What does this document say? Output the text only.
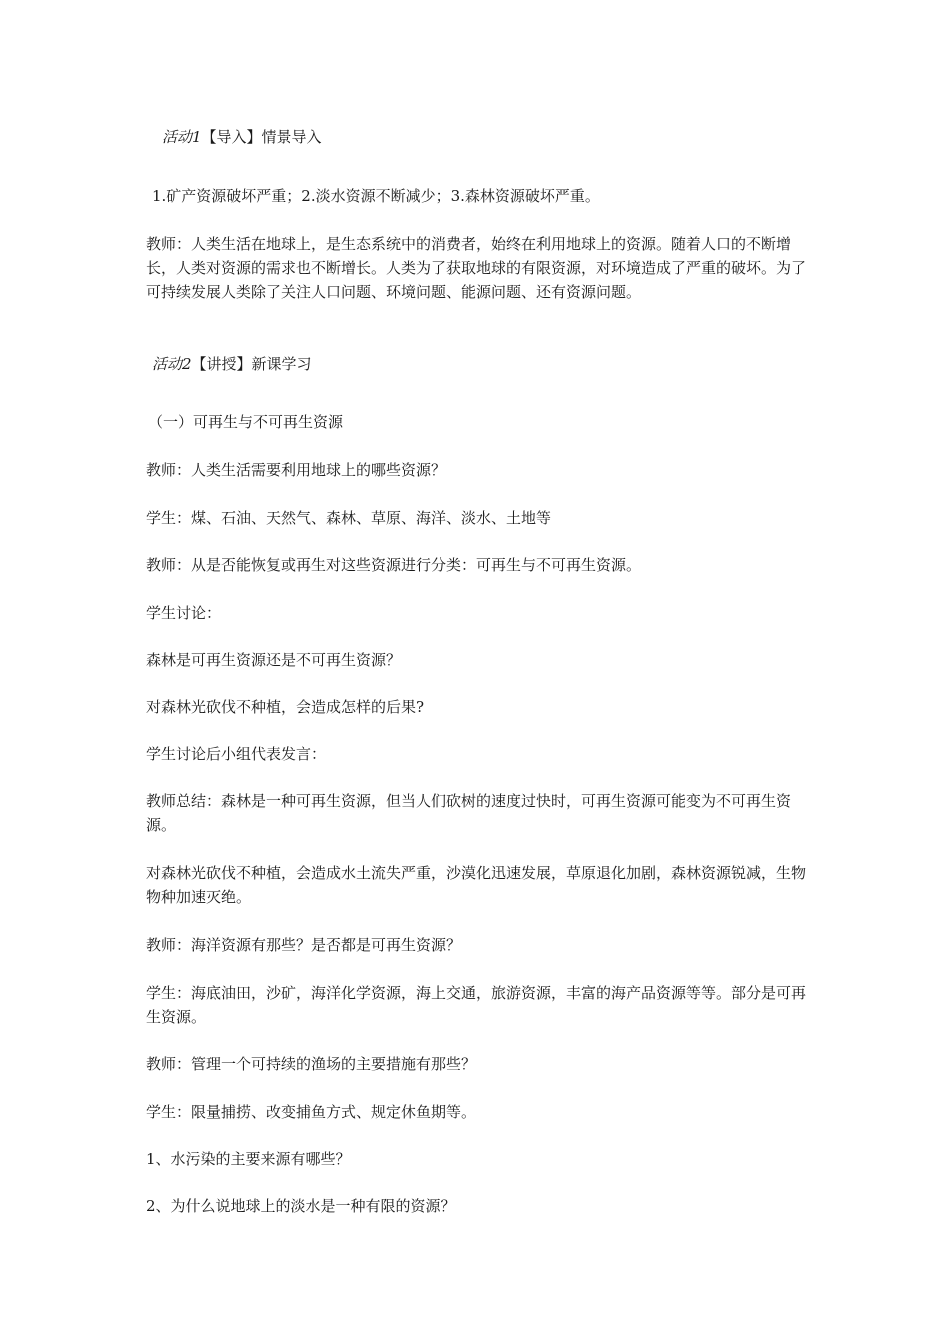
活动1【导入】情景导入
1.矿产资源破坏严重；2.淡水资源不断减少；3.森林资源破坏严重。
教师：人类生活在地球上，是生态系统中的消费者，始终在利用地球上的资源。随着人口的不断增长，人类对资源的需求也不断增长。人类为了获取地球的有限资源，对环境造成了严重的破坏。为了可持续发展人类除了关注人口问题、环境问题、能源问题、还有资源问题。
活动2【讲授】新课学习
（一）可再生与不可再生资源
教师：人类生活需要利用地球上的哪些资源？
学生：煤、石油、天然气、森林、草原、海洋、淡水、土地等
教师：从是否能恢复或再生对这些资源进行分类：可再生与不可再生资源。
学生讨论：
森林是可再生资源还是不可再生资源？
对森林光砍伐不种植，会造成怎样的后果?
学生讨论后小组代表发言：
教师总结：森林是一种可再生资源，但当人们砍树的速度过快时，可再生资源可能变为不可再生资源。
对森林光砍伐不种植，会造成水土流失严重，沙漠化迅速发展，草原退化加剧，森林资源锐减，生物物种加速灭绝。
教师：海洋资源有那些？是否都是可再生资源？
学生：海底油田，沙矿，海洋化学资源，海上交通，旅游资源，丰富的海产品资源等等。部分是可再生资源。
教师：管理一个可持续的渔场的主要措施有那些？
学生：限量捕捞、改变捕鱼方式、规定休鱼期等。
1、水污染的主要来源有哪些？
2、为什么说地球上的淡水是一种有限的资源？
